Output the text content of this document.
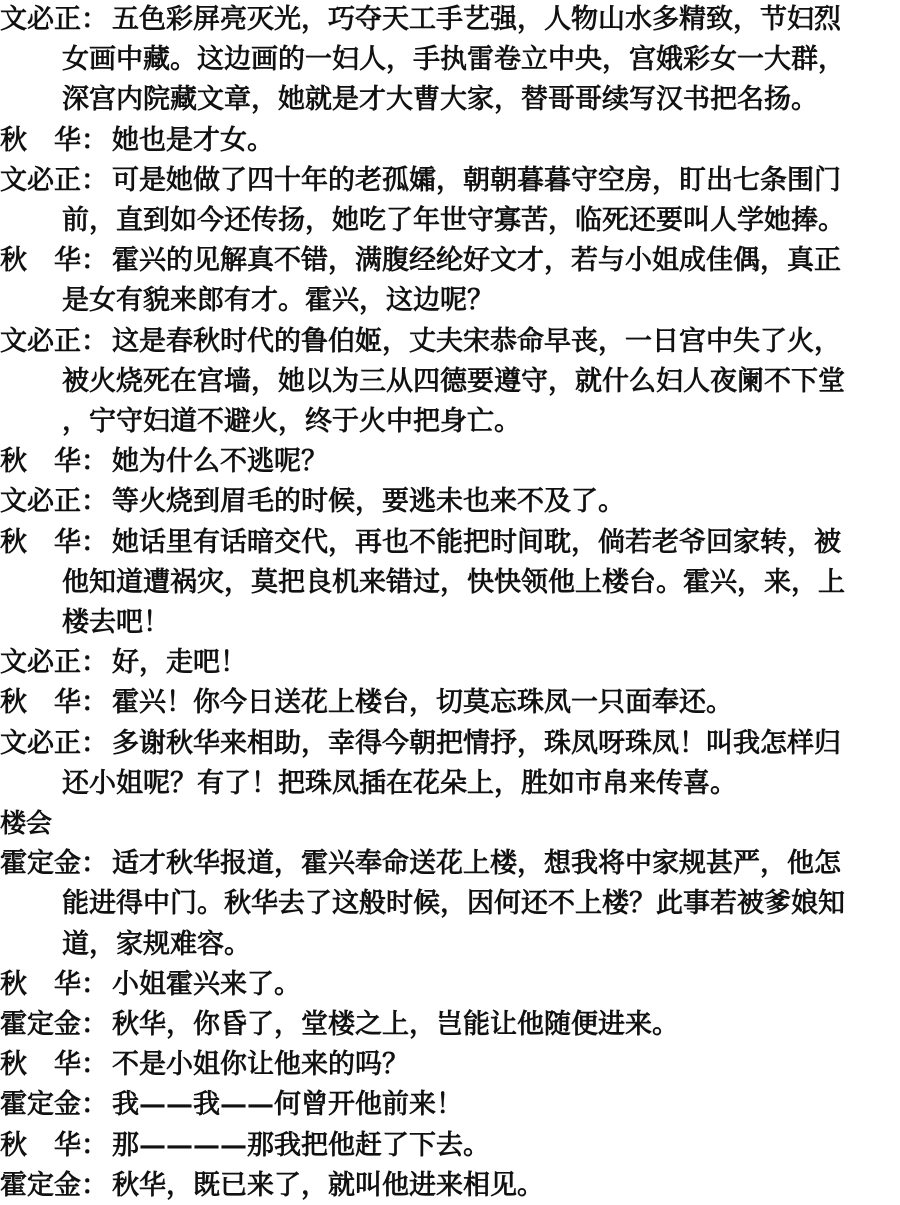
文必正： 五色彩屏亮灭光，巧夺天工手艺强，人物山水多精致，节妇烈
女画中藏。这边画的一妇人，手执雷卷立中央，宫娥彩女一大群，
深宫内院藏文章，她就是才大曹大家，替哥哥续写汉书把名扬。
秋　华： 她也是才女。
文必正： 可是她做了四十年的老孤孀，朝朝暮暮守空房，盯出七条围门
前，直到如今还传扬，她吃了年世守寡苦，临死还要叫人学她捧。
秋　华： 霍兴的见解真不错，满腹经纶好文才，若与小姐成佳偶，真正
是女有貌来郎有才。霍兴，这边呢？
文必正： 这是春秋时代的鲁伯姬，丈夫宋恭命早丧，一日宫中失了火，
被火烧死在宫墙，她以为三从四德要遵守，就什么妇人夜阑不下堂
，宁守妇道不避火，终于火中把身亡。
秋　华： 她为什么不逃呢？
文必正： 等火烧到眉毛的时候，要逃未也来不及了。
秋　华： 她话里有话暗交代，再也不能把时间耽，倘若老爷回家转，被
他知道遭祸灾，莫把良机来错过，快快领他上楼台。霍兴，来，上
楼去吧！
文必正： 好，走吧！
秋　华： 霍兴！你今日送花上楼台，切莫忘珠凤一只面奉还。
文必正： 多谢秋华来相助，幸得今朝把情抒，珠凤呀珠凤！叫我怎样归
还小姐呢？有了！把珠凤插在花朵上，胜如市帛来传喜。
楼会
霍定金： 适才秋华报道，霍兴奉命送花上楼，想我将中家规甚严，他怎
能进得中门。秋华去了这般时候，因何还不上楼？此事若被爹娘知
道，家规难容。
秋　华： 小姐霍兴来了。
霍定金： 秋华，你昏了，堂楼之上，岂能让他随便进来。
秋　华： 不是小姐你让他来的吗？
霍定金： 我——我——何曾开他前来！
秋　华： 那————那我把他赶了下去。
霍定金： 秋华，既已来了，就叫他进来相见。
